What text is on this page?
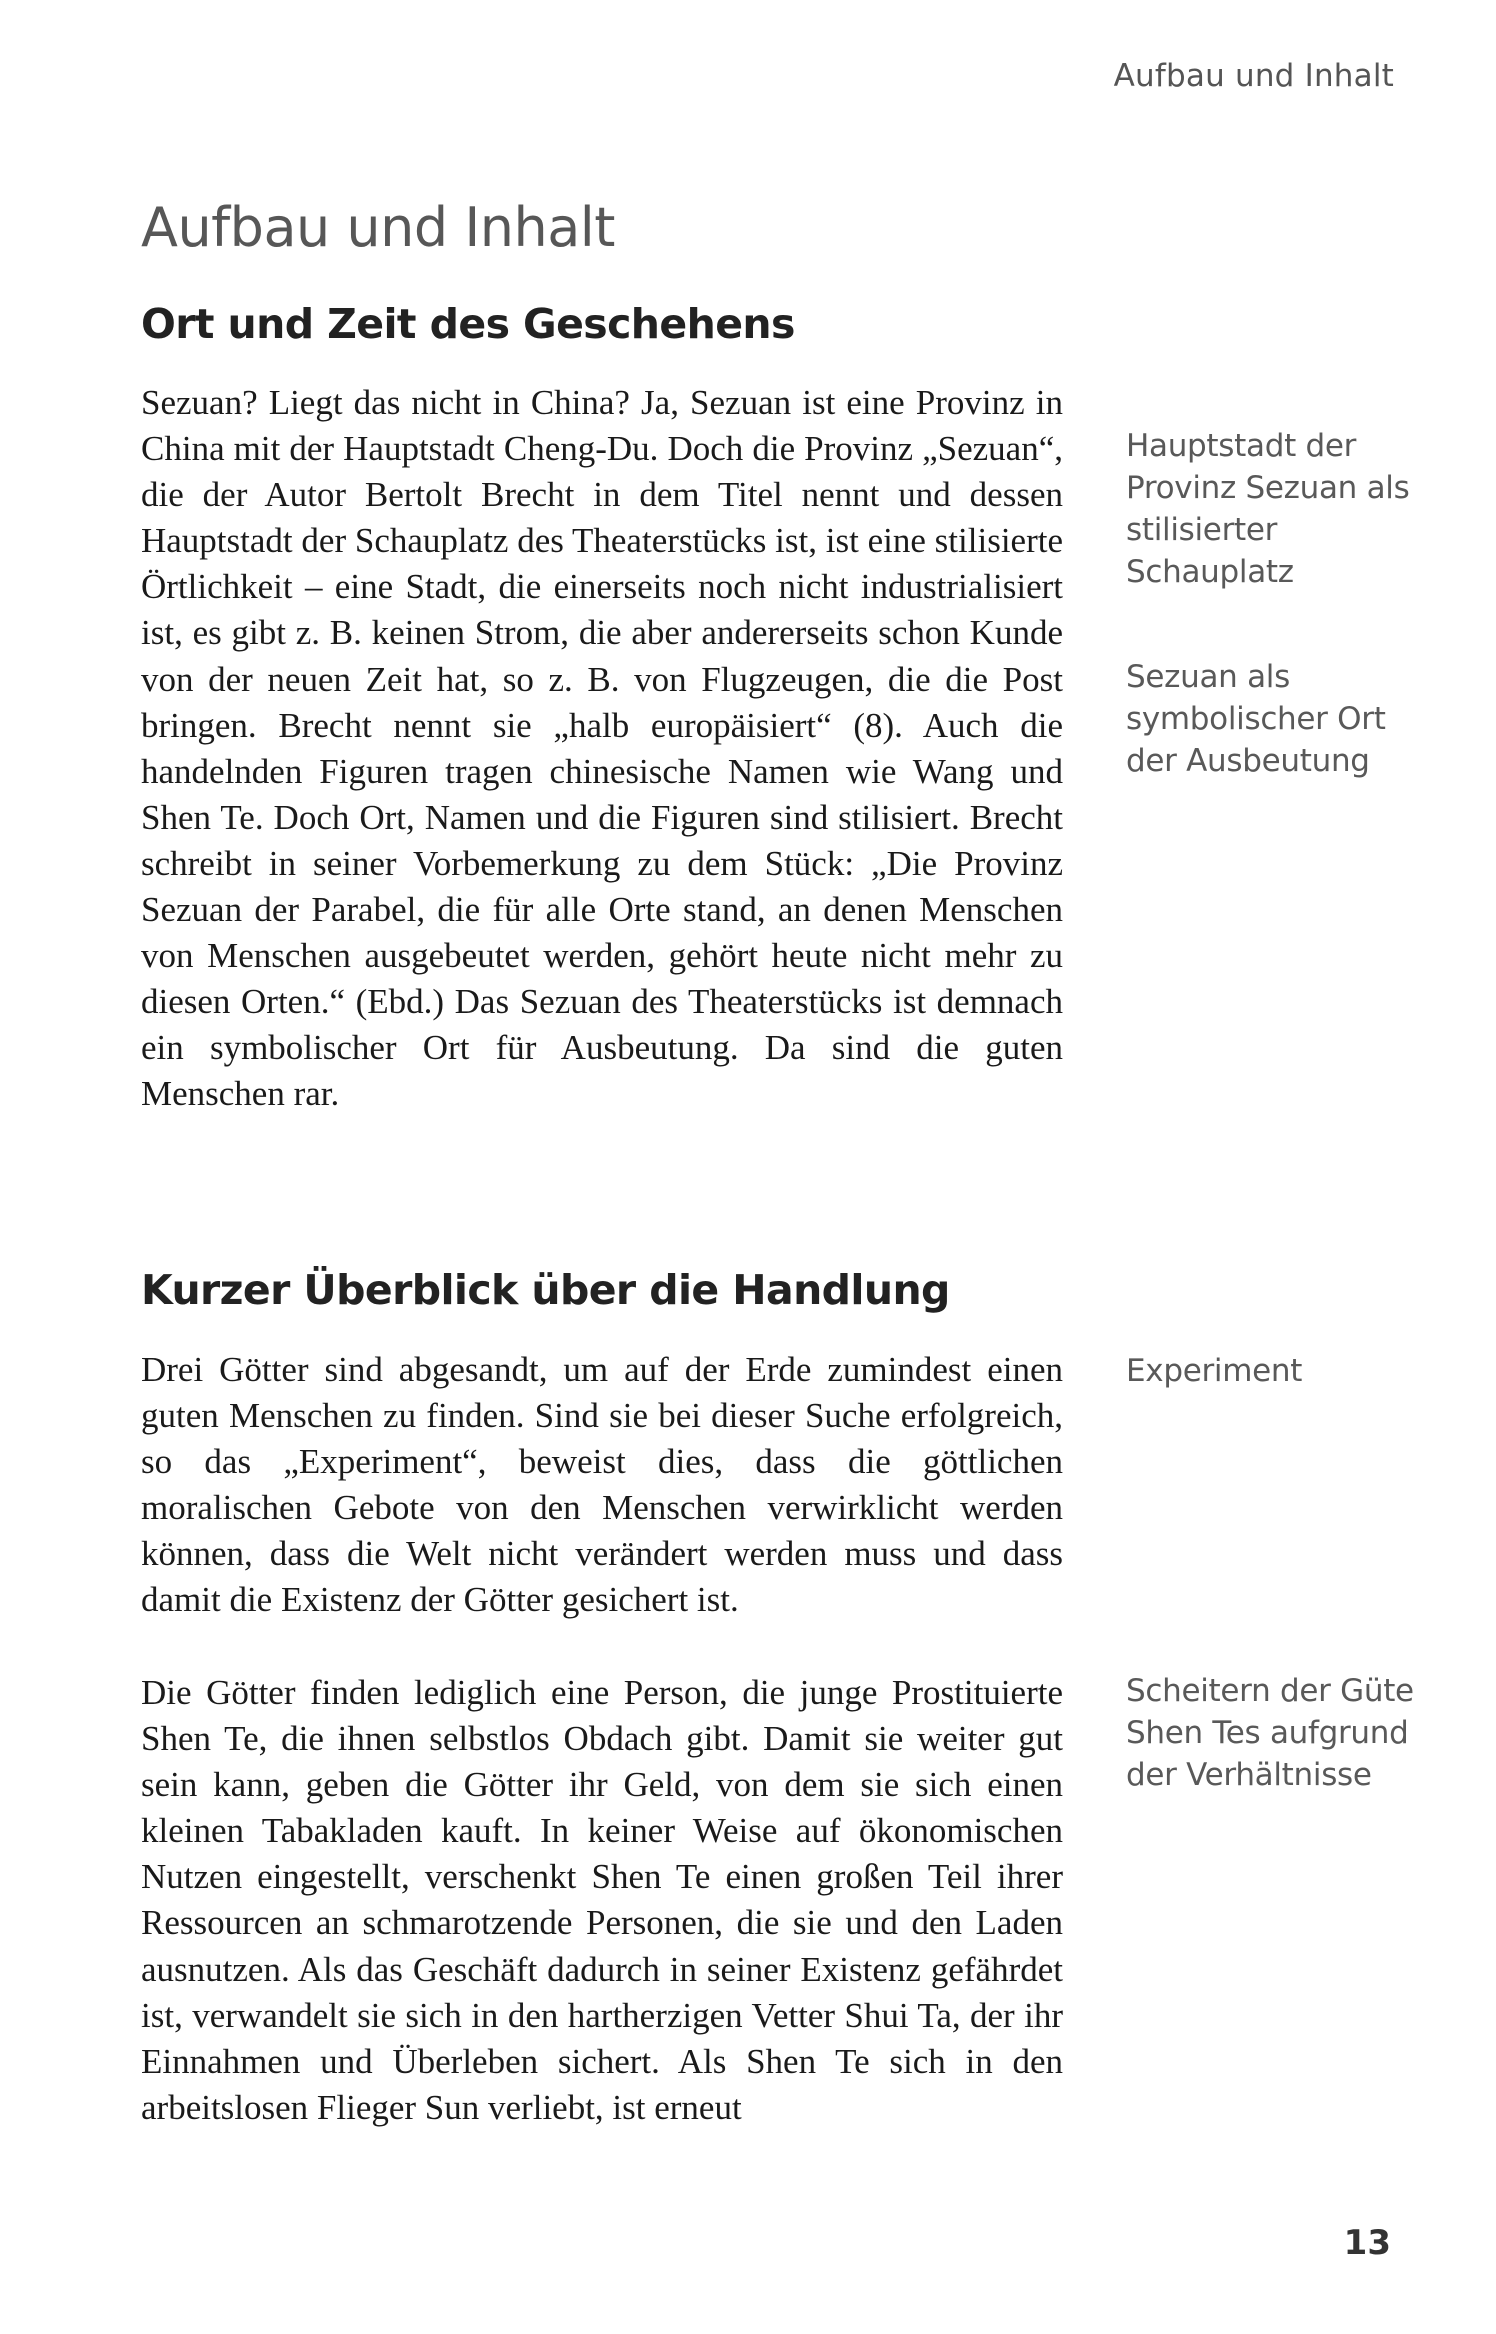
Aufbau und Inhalt
Aufbau und Inhalt
Ort und Zeit des Geschehens

Sezuan? Liegt das nicht in China? Ja, Sezuan ist eine Provinz in China mit der Hauptstadt Cheng-Du. Doch die Provinz „Sezuan“, die der Autor Bertolt Brecht in dem Titel nennt und dessen Hauptstadt der Schauplatz des Theaterstücks ist, ist eine stilisierte Örtlichkeit – eine Stadt, die einerseits noch nicht industrialisiert ist, es gibt z. B. keinen Strom, die aber andererseits schon Kunde von der neuen Zeit hat, so z. B. von Flugzeugen, die die Post bringen. Brecht nennt sie „halb europäisiert“ (8). Auch die handelnden Figuren tragen chinesische Namen wie Wang und Shen Te. Doch Ort, Namen und die Figuren sind stilisiert. Brecht schreibt in seiner Vorbemerkung zu dem Stück: „Die Provinz Sezuan der Parabel, die für alle Orte stand, an denen Menschen von Menschen ausgebeutet werden, gehört heute nicht mehr zu diesen Orten.“ (Ebd.) Das Sezuan des Theaterstücks ist demnach ein symbolischer Ort für Ausbeutung. Da sind die guten Menschen rar.

Kurzer Überblick über die Handlung

Drei Götter sind abgesandt, um auf der Erde zumindest einen guten Menschen zu finden. Sind sie bei dieser Suche erfolgreich, so das „Experiment“, beweist dies, dass die göttlichen moralischen Gebote von den Menschen verwirklicht werden können, dass die Welt nicht verändert werden muss und dass damit die Existenz der Götter gesichert ist.

Die Götter finden lediglich eine Person, die junge Prostituierte Shen Te, die ihnen selbstlos Obdach gibt. Damit sie weiter gut sein kann, geben die Götter ihr Geld, von dem sie sich einen kleinen Tabakladen kauft. In keiner Weise auf ökonomischen Nutzen eingestellt, verschenkt Shen Te einen großen Teil ihrer Ressourcen an schmarotzende Personen, die sie und den Laden ausnutzen. Als das Geschäft dadurch in seiner Existenz gefährdet ist, verwandelt sie sich in den hartherzigen Vetter Shui Ta, der ihr Einnahmen und Überleben sichert. Als Shen Te sich in den arbeitslosen Flieger Sun verliebt, ist erneut

Hauptstadt der Provinz Sezuan als stilisierter Schauplatz

Sezuan als symbolischer Ort der Ausbeutung

Experiment

Scheitern der Güte Shen Tes aufgrund der Verhältnisse

13
